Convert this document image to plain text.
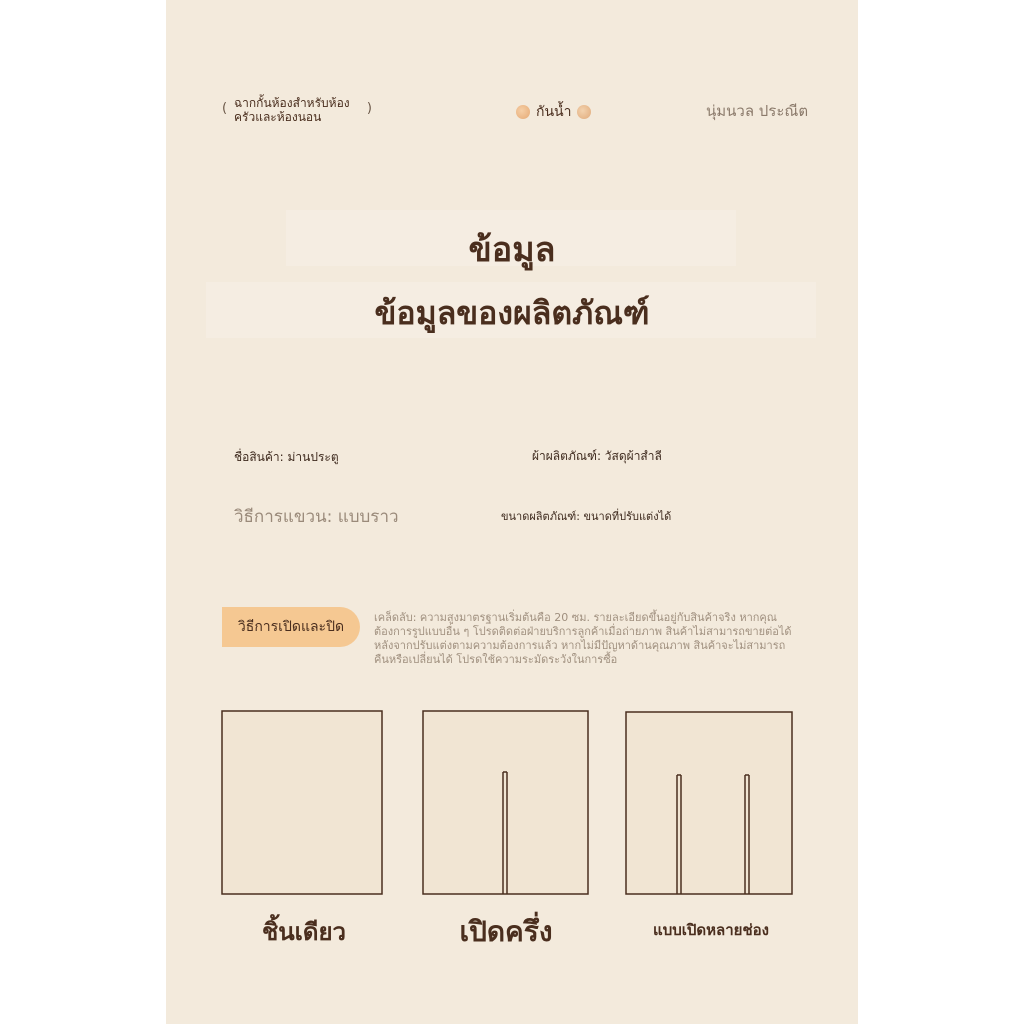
( ฉากกั้นห้องสำหรับห้องครัวและห้องนอน
)	กันน้ำ	นุ่มนวล ประณีต
ข้อมูล
ข้อมูลของผลิตภัณฑ์
ชื่อสินค้า: ม่านประตู	ผ้าผลิตภัณฑ์: วัสดุผ้าสำลี
วิธีการแขวน: แบบราว	ขนาดผลิตภัณฑ์: ขนาดที่ปรับแต่งได้
วิธีการเปิดและปิด
เคล็ดลับ: ความสูงมาตรฐานเริ่มต้นคือ 20 ซม. รายละเอียดขึ้นอยู่กับสินค้าจริง หากคุณต้องการรูปแบบอื่น ๆ โปรดติดต่อฝ่ายบริการลูกค้าเมื่อถ่ายภาพ สินค้าไม่สามารถขายต่อได้หลังจากปรับแต่งตามความต้องการแล้ว หากไม่มีปัญหาด้านคุณภาพ สินค้าจะไม่สามารถคืนหรือเปลี่ยนได้ โปรดใช้ความระมัดระวังในการซื้อ
ชิ้นเดียว	เปิดครึ่ง	แบบเปิดหลายช่อง
